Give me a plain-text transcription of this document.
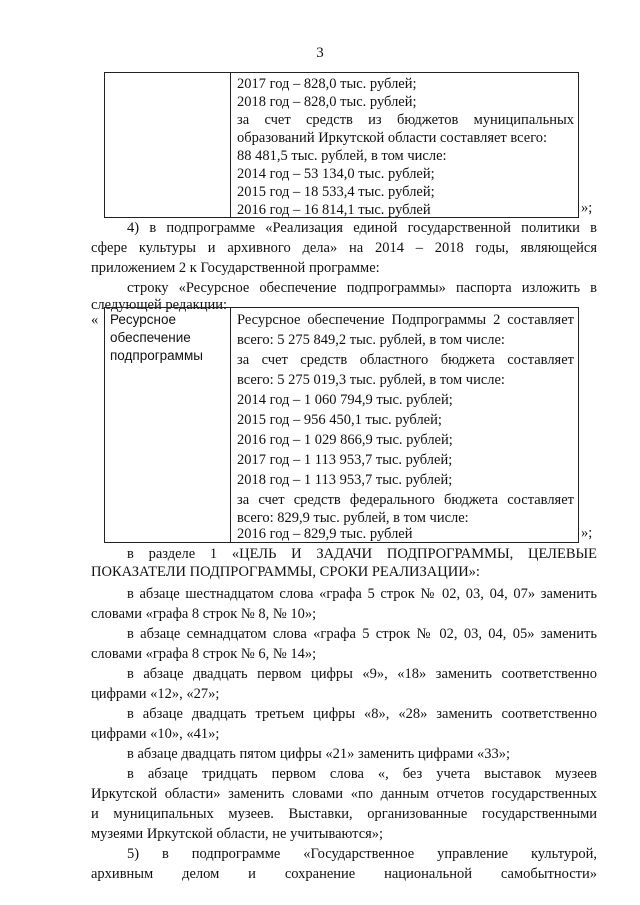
3
2017 год – 828,0 тыс. рублей;
2018 год – 828,0 тыс. рублей;
за счет средств из бюджетов муниципальных
образований Иркутской области составляет всего:
88 481,5 тыс. рублей, в том числе:
2014 год – 53 134,0 тыс. рублей;
2015 год – 18 533,4 тыс. рублей;
2016 год – 16 814,1 тыс. рублей	»;
4) в подпрограмме «Реализация единой государственной политики в
сфере культуры и архивного дела» на 2014 – 2018 годы, являющейся
приложением 2 к Государственной программе:
строку «Ресурсное обеспечение подпрограммы» паспорта изложить в
следующей редакции:
« Ресурсное
обеспечение
подпрограммы
Ресурсное обеспечение Подпрограммы 2 составляет
всего: 5 275 849,2 тыс. рублей, в том числе:
за счет средств областного бюджета составляет
всего: 5 275 019,3 тыс. рублей, в том числе:
2014 год – 1 060 794,9 тыс. рублей;
2015 год – 956 450,1 тыс. рублей;
2016 год – 1 029 866,9 тыс. рублей;
2017 год – 1 113 953,7 тыс. рублей;
2018 год – 1 113 953,7 тыс. рублей;
за счет средств федерального бюджета составляет
всего: 829,9 тыс. рублей, в том числе:
2016 год – 829,9 тыс. рублей	»;
в разделе 1 «ЦЕЛЬ И ЗАДАЧИ ПОДПРОГРАММЫ, ЦЕЛЕВЫЕ
ПОКАЗАТЕЛИ ПОДПРОГРАММЫ, СРОКИ РЕАЛИЗАЦИИ»:
в абзаце шестнадцатом слова «графа 5 строк № 02, 03, 04, 07» заменить
словами «графа 8 строк № 8, № 10»;
в абзаце семнадцатом слова «графа 5 строк № 02, 03, 04, 05» заменить
словами «графа 8 строк № 6, № 14»;
в абзаце двадцать первом цифры «9», «18» заменить соответственно
цифрами «12», «27»;
в абзаце двадцать третьем цифры «8», «28» заменить соответственно
цифрами «10», «41»;
в абзаце двадцать пятом цифры «21» заменить цифрами «33»;
в абзаце тридцать первом слова «, без учета выставок музеев
Иркутской области» заменить словами «по данным отчетов государственных
и муниципальных музеев. Выставки, организованные государственными
музеями Иркутской области, не учитываются»;
5) в подпрограмме «Государственное управление культурой,
архивным делом и сохранение национальной самобытности»
